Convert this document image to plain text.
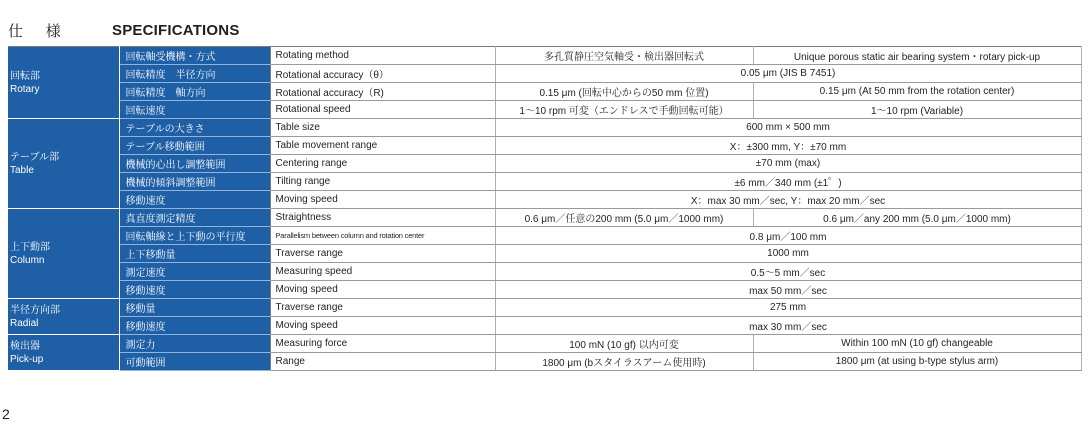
仕 様	SPECIFICATIONS
回転部
Rotary	回転軸受機構・方式	Rotating method	多孔質静圧空気軸受・検出器回転式	Unique porous static air bearing system・rotary pick-up
	回転精度　半径方向	Rotational accuracy（θ）	0.05 μm (JIS B 7451)	
	回転精度　軸方向	Rotational accuracy（R)	0.15 μm (回転中心からの50 mm 位置)	0.15 μm (At 50 mm from the rotation center)
	回転速度	Rotational speed	1～10 rpm 可変（エンドレスで手動回転可能）	1～10 rpm (Variable)
テーブル部
Table	テーブルの大きさ	Table size	600 mm × 500 mm	
	テーブル移動範囲	Table movement range	X：±300 mm, Y：±70 mm	
	機械的心出し調整範囲	Centering range	±70 mm (max)	
	機械的傾斜調整範囲	Tilting range	±6 mm／340 mm (±1゜)	
	移動速度	Moving speed	X：max 30 mm／sec, Y：max 20 mm／sec	
上下動部
Column	真直度測定精度	Straightness	0.6 μm／任意の200 mm (5.0 μm／1000 mm)	0.6 μm／any 200 mm (5.0 μm／1000 mm)
	回転軸線と上下動の平行度	Parallelism between column and rotation center	0.8 μm／100 mm	
	上下移動量	Traverse range	1000 mm	
	測定速度	Measuring speed	0.5～5 mm／sec	
	移動速度	Moving speed	max 50 mm／sec	
半径方向部
Radial	移動量	Traverse range	275 mm	
	移動速度	Moving speed	max 30 mm／sec	
検出器
Pick-up	測定力	Measuring force	100 mN (10 gf) 以内可変	Within 100 mN (10 gf) changeable
	可動範囲	Range	1800 μm (bスタイラスアーム使用時)	1800 μm (at using b-type stylus arm)
2
